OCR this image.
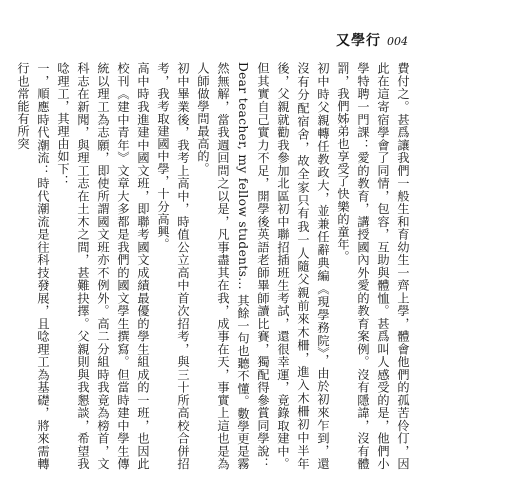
又學行 004

費付之。甚爲讓我們一般生和育幼生一齊上學，體會他們的孤苦伶仃，因此在這寄宿學會了同情，包容，互助與體恤。甚爲叫人感受的是，他們小學特聘一門課：愛的教育，講授國內外愛的教育案例。沒有隱諱，沒有體罰，我們姊弟也享受了快樂的童年。

初中時父親轉任教政大，並兼任辭典編《現學務院》，由於初來乍到，還沒有分配宿舍，故全家只有我一人隨父親前來木柵，進入木柵初中半年後，父親就勸我參加北區初中聯招插班生考試，還很幸運，竟錄取建中。但其實自己實力不足，開學後英語老師畢師讀比賽，獨配得參賞同學說：Dear teacher, my fellow students... 其餘一句也聽不懂。數學更是霧然無解，當我週回問之以是，凡事盡其在我，成事在天，事實上這也是為人師做學問最高的。

初中畢業後，我考上高中，時值公立高中首次招考，與三十所高校合併招考，我考取建國中學，十分高興。

高中時我進建中國文班，即聯考國文成績最優的學生組成的一班，也因此校刊《建中青年》文章大多都是我們的國文學生撰寫。但當時建中學生傳統以理工為志願，即使所謂國文班亦不例外。高二分組時我竟為榜首，文科志在新聞，與理工志在土木之間，甚難抉擇。父親則與我懇談，希望我唸理工，其理由如下：

一，順應時代潮流：時代潮流是往科技發展，且唸理工為基礎，將來需轉行也常能有所突
